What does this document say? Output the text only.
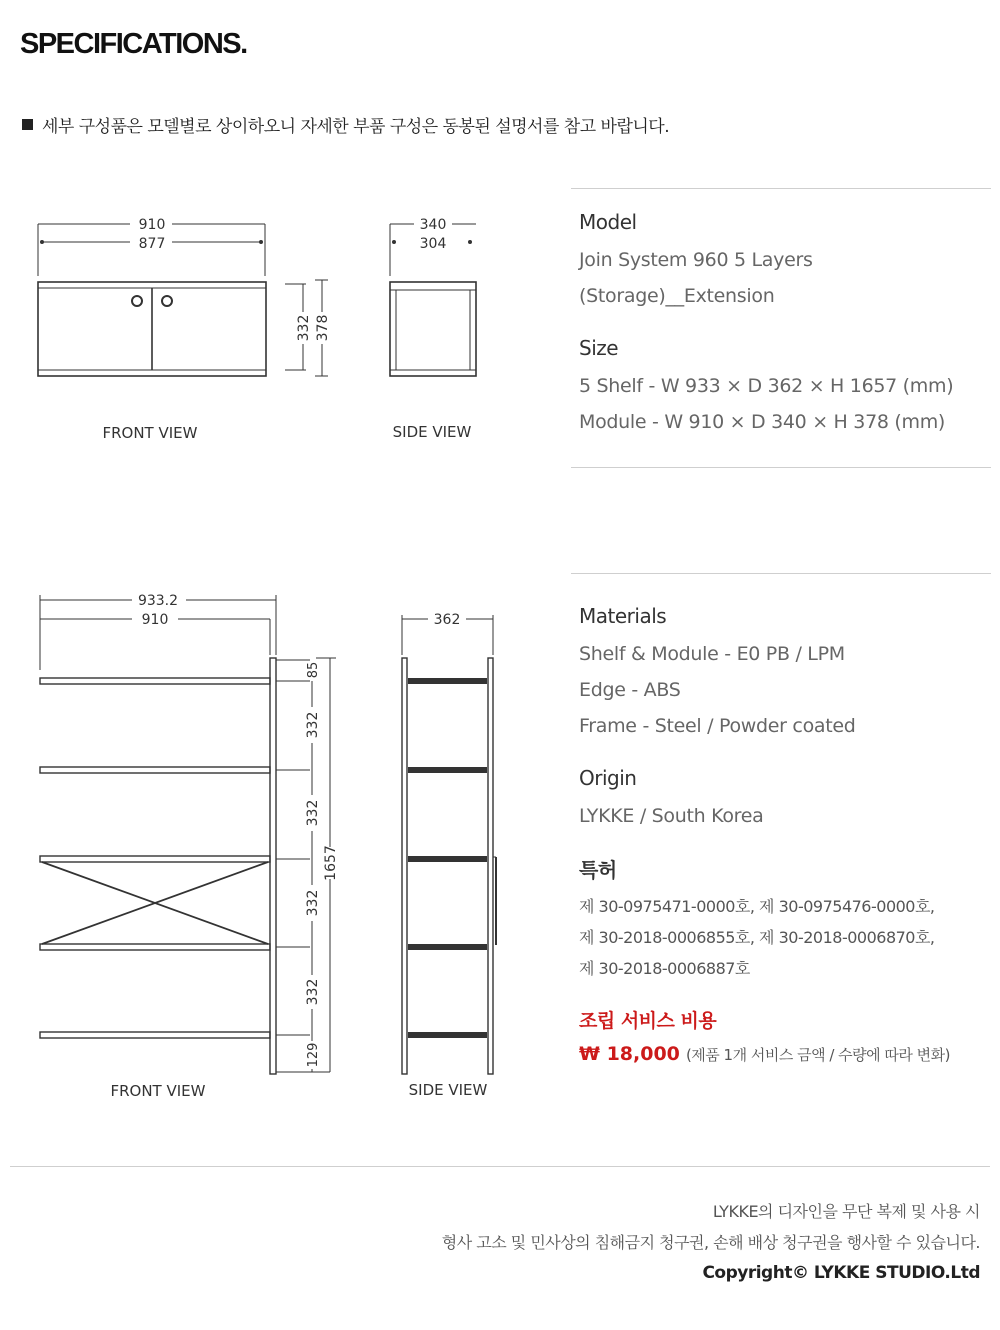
SPECIFICATIONS.
세부 구성품은 모델별로 상이하오니 자세한 부품 구성은 동봉된 설명서를 참고 바랍니다.
910
877
340
304
332 378
FRONT VIEW	SIDE VIEW
933.2
910	362
85
332
332
332
332
129
1657
FRONT VIEW	SIDE VIEW
Model
Join System 960 5 Layers
(Storage)__Extension
Size
5 Shelf - W 933 × D 362 × H 1657 (mm)
Module - W 910 × D 340 × H 378 (mm)
Materials
Shelf & Module - E0 PB / LPM
Edge - ABS
Frame - Steel / Powder coated
Origin
LYKKE / South Korea
특허
제 30-0975471-0000호, 제 30-0975476-0000호,
제 30-2018-0006855호, 제 30-2018-0006870호,
제 30-2018-0006887호
조립 서비스 비용
₩ 18,000 (제품 1개 서비스 금액 / 수량에 따라 변화)
LYKKE의 디자인을 무단 복제 및 사용 시
형사 고소 및 민사상의 침해금지 청구권, 손해 배상 청구권을 행사할 수 있습니다.
Copyright© LYKKE STUDIO.Ltd
